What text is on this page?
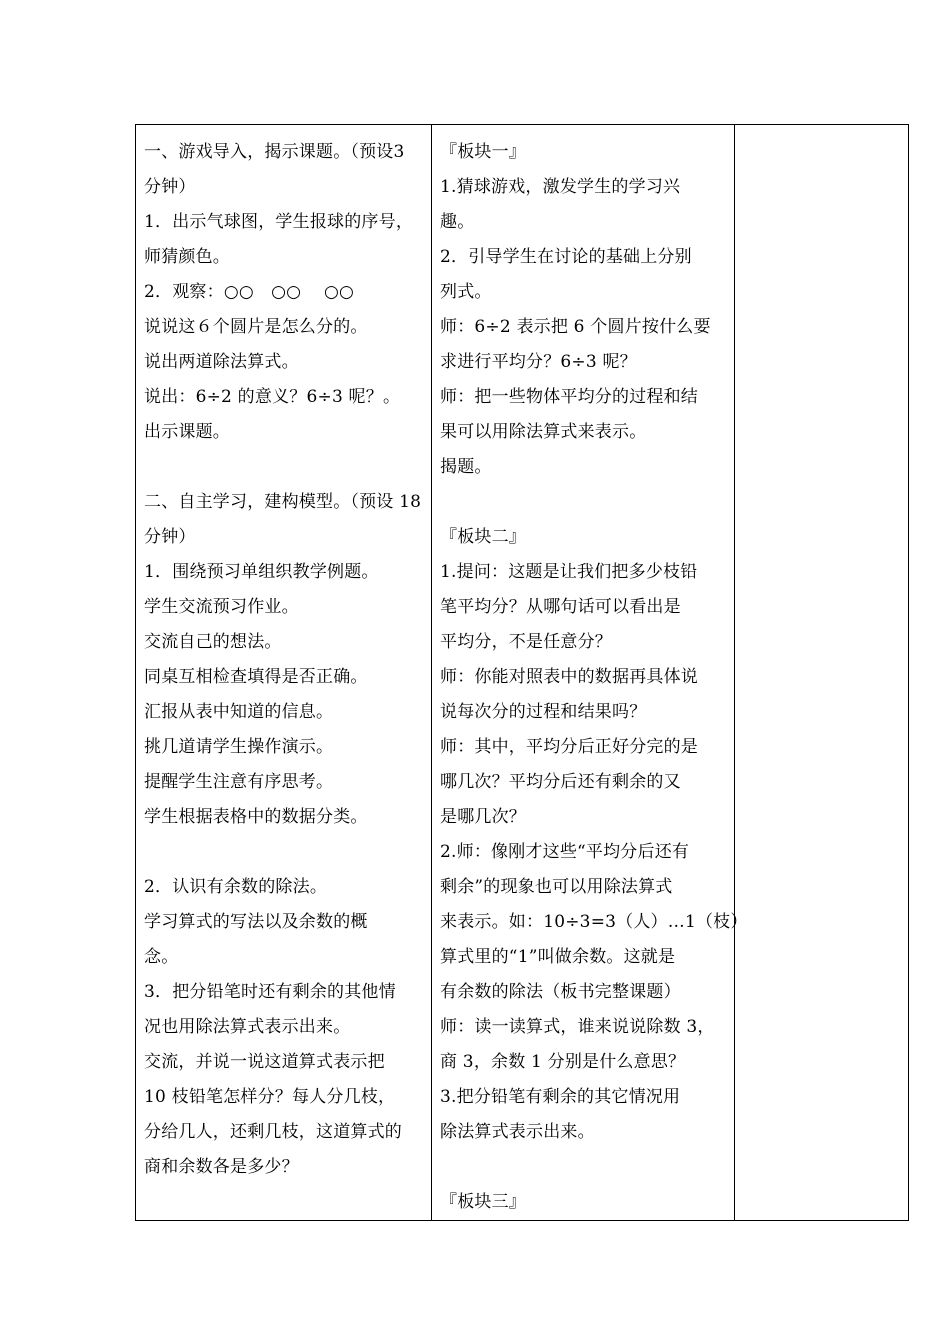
一、游戏导入，揭示课题。（预设3
分钟）
1．出示气球图，学生报球的序号，
师猜颜色。
2．观察：○○　○○　 ○○
说说这６个圆片是怎么分的。
说出两道除法算式。
说出：6÷2 的意义？6÷3 呢？。
出示课题。
二、自主学习，建构模型。（预设 18
分钟）
1．围绕预习单组织教学例题。
学生交流预习作业。
交流自己的想法。
同桌互相检查填得是否正确。
汇报从表中知道的信息。
挑几道请学生操作演示。
提醒学生注意有序思考。
学生根据表格中的数据分类。
2．认识有余数的除法。
学习算式的写法以及余数的概
念。
3．把分铅笔时还有剩余的其他情
况也用除法算式表示出来。
交流，并说一说这道算式表示把
10 枝铅笔怎样分？每人分几枝，
分给几人，还剩几枝，这道算式的
商和余数各是多少？

『板块一』
1.猜球游戏，激发学生的学习兴
趣。
2．引导学生在讨论的基础上分别
列式。
师：6÷2 表示把 6 个圆片按什么要
求进行平均分？6÷3 呢？
师：把一些物体平均分的过程和结
果可以用除法算式来表示。
揭题。
『板块二』
1.提问：这题是让我们把多少枝铅
笔平均分？从哪句话可以看出是
平均分，不是任意分？
师：你能对照表中的数据再具体说
说每次分的过程和结果吗？
师：其中，平均分后正好分完的是
哪几次？平均分后还有剩余的又
是哪几次？
2.师：像刚才这些“平均分后还有
剩余”的现象也可以用除法算式
来表示。如：10÷3=3（人）…1（枝）
算式里的“1”叫做余数。这就是
有余数的除法（板书完整课题）
师：读一读算式，谁来说说除数 3，
商 3，余数 1 分别是什么意思？
3.把分铅笔有剩余的其它情况用
除法算式表示出来。
『板块三』
